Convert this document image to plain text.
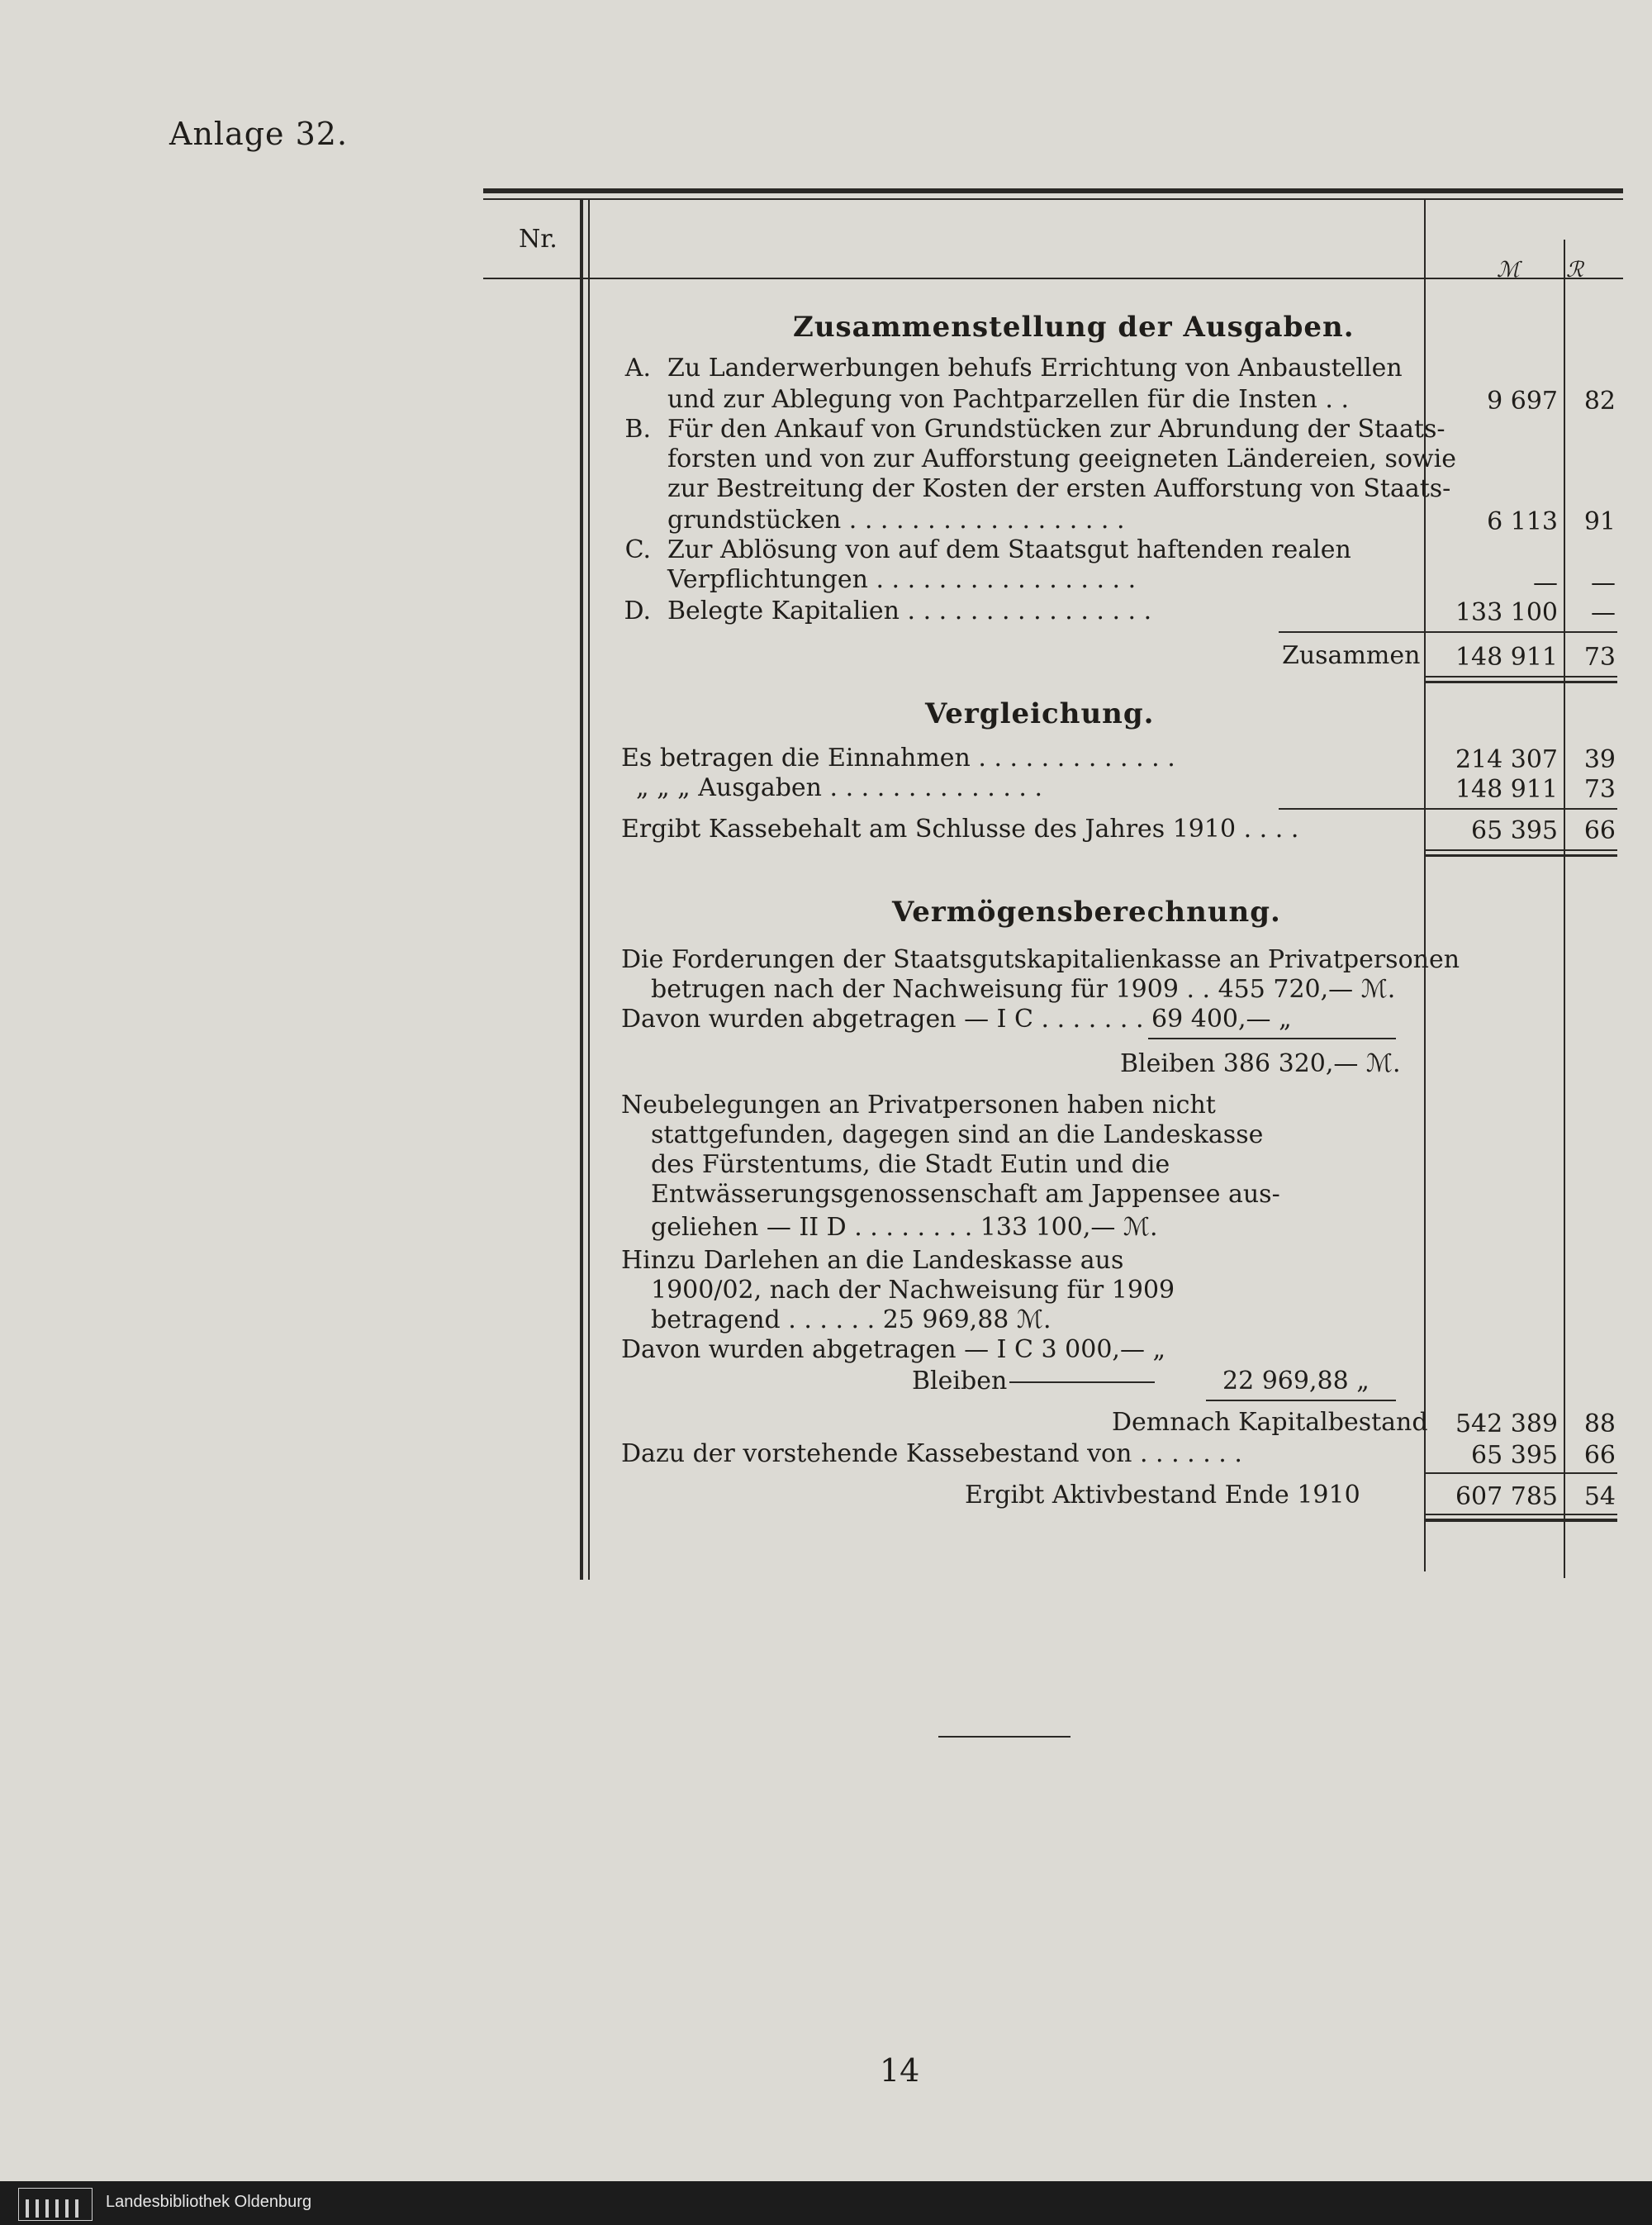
Anlage 32.
Nr.
ℳ ℛ
Zusammenstellung der Ausgaben.
A. Zu Landerwerbungen behufs Errichtung von Anbaustellen
und zur Ablegung von Pachtparzellen für die Insten . .	9 697	82
B. Für den Ankauf von Grundstücken zur Abrundung der Staats-
forsten und von zur Aufforstung geeigneten Ländereien, sowie
zur Bestreitung der Kosten der ersten Aufforstung von Staats-
grundstücken . . . . . . . . . . . . . . . . . .	6 113	91
C. Zur Ablösung von auf dem Staatsgut haftenden realen
Verpflichtungen . . . . . . . . . . . . . . . . .	—	—
D. Belegte Kapitalien . . . . . . . . . . . . . . . .	133 100	—
Zusammen	148 911	73
Vergleichung.
Es betragen die Einnahmen . . . . . . . . . . . . .	214 307	39
„ „ „ Ausgaben . . . . . . . . . . . . . .	148 911	73
Ergibt Kassebehalt am Schlusse des Jahres 1910 . . . .	65 395	66
Vermögensberechnung.
Die Forderungen der Staatsgutskapitalienkasse an Privatpersonen
betrugen nach der Nachweisung für 1909 . . 455 720,— ℳ.
Davon wurden abgetragen — I C . . . . . . . 69 400,— „
Bleiben 386 320,— ℳ.
Neubelegungen an Privatpersonen haben nicht
stattgefunden, dagegen sind an die Landeskasse
des Fürstentums, die Stadt Eutin und die
Entwässerungsgenossenschaft am Jappensee aus-
geliehen — II D . . . . . . . . 133 100,— ℳ.
Hinzu Darlehen an die Landeskasse aus
1900/02, nach der Nachweisung für 1909
betragend . . . . . . 25 969,88 ℳ.
Davon wurden abgetragen — I C 3 000,— „
Bleiben	22 969,88 „
Demnach Kapitalbestand	542 389	88
Dazu der vorstehende Kassebestand von . . . . . . .	65 395	66
Ergibt Aktivbestand Ende 1910	607 785	54
14
Landesbibliothek Oldenburg
